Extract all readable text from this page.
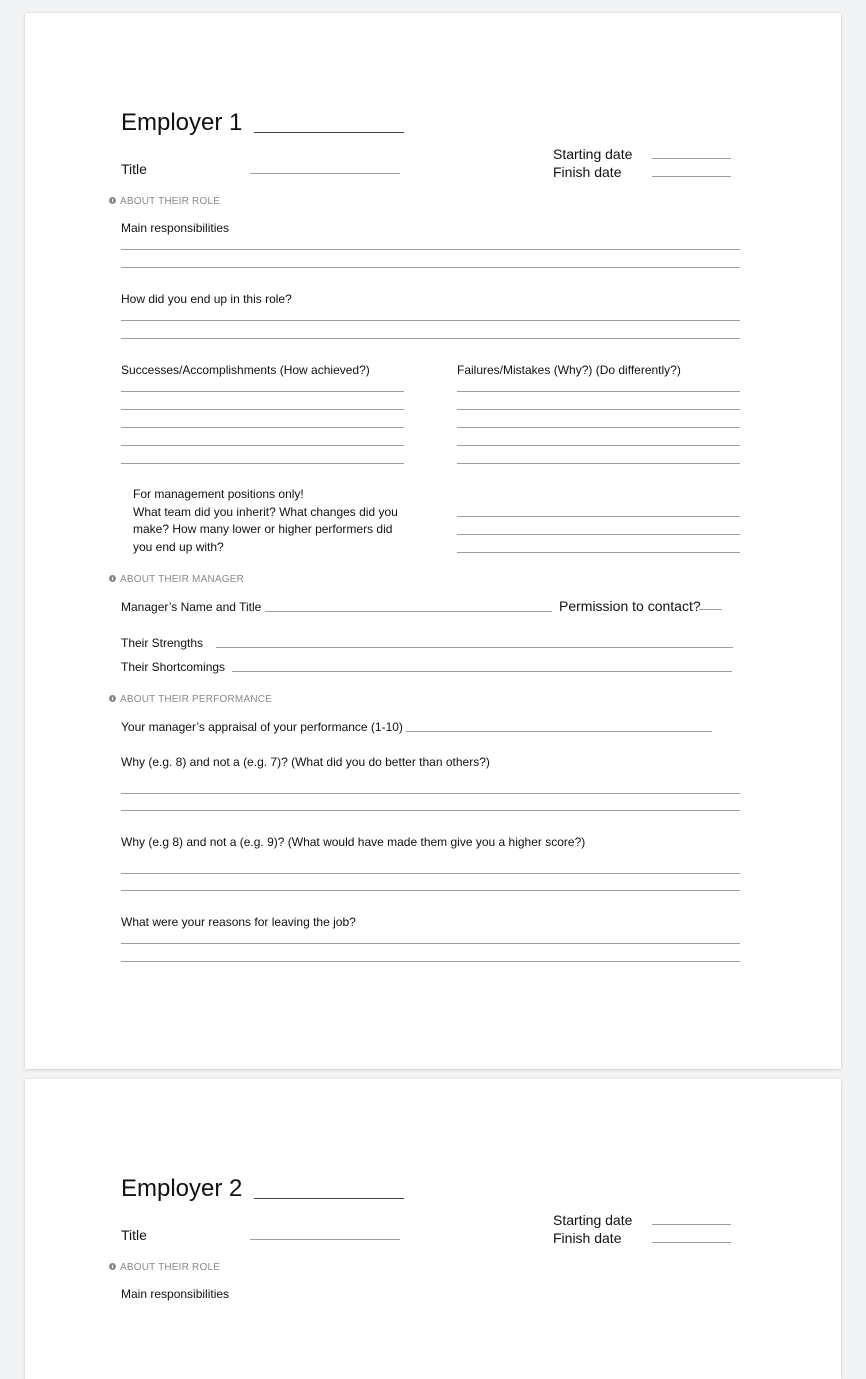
Employer 1
Starting date
Finish date
Title
ABOUT THEIR ROLE
Main responsibilities
How did you end up in this role?
Successes/Accomplishments (How achieved?)	Failures/Mistakes (Why?) (Do differently?)
For management positions only!
What team did you inherit? What changes did you make? How many lower or higher performers did you end up with?
ABOUT THEIR MANAGER
Manager’s Name and Title	Permission to contact?
Their Strengths
Their Shortcomings
ABOUT THEIR PERFORMANCE
Your manager’s appraisal of your performance (1-10)
Why (e.g. 8) and not a (e.g. 7)? (What did you do better than others?)
Why (e.g 8) and not a (e.g. 9)? (What would have made them give you a higher score?)
What were your reasons for leaving the job?
Employer 2
Starting date
Finish date
Title
ABOUT THEIR ROLE
Main responsibilities
